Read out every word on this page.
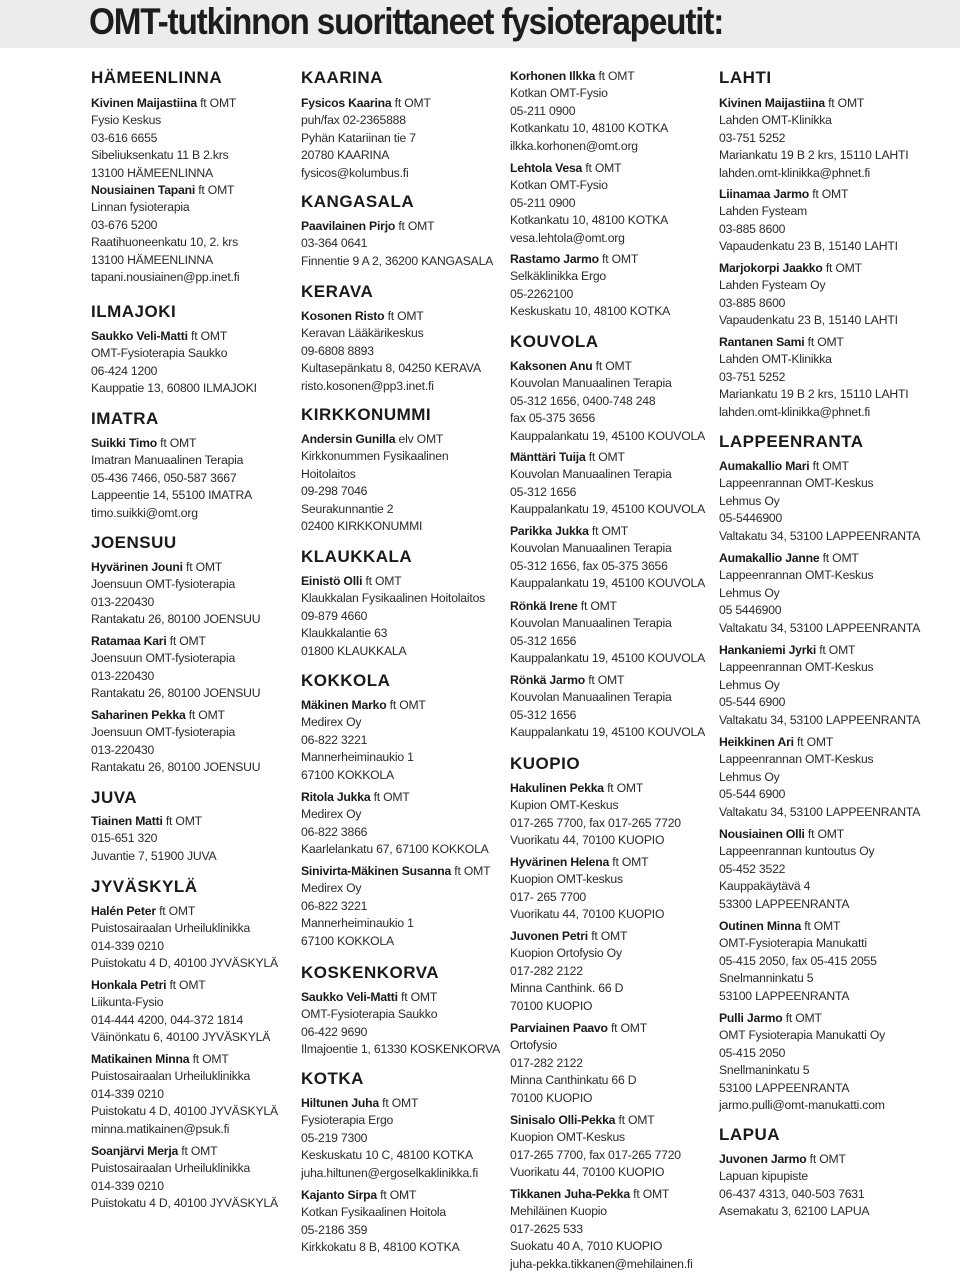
OMT-tutkinnon suorittaneet fysioterapeutit:
HÄMEENLINNA
Kivinen Maijastiina ft OMT
Fysio Keskus
03-616 6655
Sibeliuksenkatu 11 B 2.krs
13100 HÄMEENLINNA
Nousiainen Tapani ft OMT
Linnan fysioterapia
03-676 5200
Raatihuoneenkatu 10, 2. krs
13100 HÄMEENLINNA
tapani.nousiainen@pp.inet.fi
ILMAJOKI
Saukko Veli-Matti ft OMT
OMT-Fysioterapia Saukko
06-424 1200
Kauppatie 13, 60800 ILMAJOKI
IMATRA
Suikki Timo ft OMT
Imatran Manuaalinen Terapia
05-436 7466, 050-587 3667
Lappeentie 14, 55100 IMATRA
timo.suikki@omt.org
JOENSUU
Hyvärinen Jouni ft OMT
Joensuun OMT-fysioterapia
013-220430
Rantakatu 26, 80100 JOENSUU
Ratamaa Kari ft OMT
Joensuun OMT-fysioterapia
013-220430
Rantakatu 26, 80100 JOENSUU
Saharinen Pekka ft OMT
Joensuun OMT-fysioterapia
013-220430
Rantakatu 26, 80100 JOENSUU
JUVA
Tiainen Matti ft OMT
015-651 320
Juvantie 7, 51900 JUVA
JYVÄSKYLÄ
Halén Peter ft OMT
Puistosairaalan Urheiluklinikka
014-339 0210
Puistokatu 4 D, 40100 JYVÄSKYLÄ
Honkala Petri ft OMT
Liikunta-Fysio
014-444 4200, 044-372 1814
Väinönkatu 6, 40100 JYVÄSKYLÄ
Matikainen Minna ft OMT
Puistosairaalan Urheiluklinikka
014-339 0210
Puistokatu 4 D, 40100 JYVÄSKYLÄ
minna.matikainen@psuk.fi
Soanjärvi Merja ft OMT
Puistosairaalan Urheiluklinikka
014-339 0210
Puistokatu 4 D, 40100 JYVÄSKYLÄ
KAARINA
Fysicos Kaarina ft OMT
puh/fax 02-2365888
Pyhän Katariinan tie 7
20780 KAARINA
fysicos@kolumbus.fi
KANGASALA
Paavilainen Pirjo ft OMT
03-364 0641
Finnentie 9 A 2, 36200 KANGASALA
KERAVA
Kosonen Risto ft OMT
Keravan Lääkärikeskus
09-6808 8893
Kultasepänkatu 8, 04250 KERAVA
risto.kosonen@pp3.inet.fi
KIRKKONUMMI
Andersin Gunilla elv OMT
Kirkkonummen Fysikaalinen
Hoitolaitos
09-298 7046
Seurakunnantie 2
02400 KIRKKONUMMI
KLAUKKALA
Einistö Olli ft OMT
Klaukkalan Fysikaalinen Hoitolaitos
09-879 4660
Klaukkalantie 63
01800 KLAUKKALA
KOKKOLA
Mäkinen Marko ft OMT
Medirex Oy
06-822 3221
Mannerheiminaukio 1
67100 KOKKOLA
Ritola Jukka ft OMT
Medirex Oy
06-822 3866
Kaarlelankatu 67, 67100 KOKKOLA
Sinivirta-Mäkinen Susanna ft OMT
Medirex Oy
06-822 3221
Mannerheiminaukio 1
67100 KOKKOLA
KOSKENKORVA
Saukko Veli-Matti ft OMT
OMT-Fysioterapia Saukko
06-422 9690
Ilmajoentie 1, 61330 KOSKENKORVA
KOTKA
Hiltunen Juha ft OMT
Fysioterapia Ergo
05-219 7300
Keskuskatu 10 C, 48100 KOTKA
juha.hiltunen@ergoselkaklinikka.fi
Kajanto Sirpa ft OMT
Kotkan Fysikaalinen Hoitola
05-2186 359
Kirkkokatu 8 B, 48100 KOTKA
Korhonen Ilkka ft OMT
Kotkan OMT-Fysio
05-211 0900
Kotkankatu 10, 48100 KOTKA
ilkka.korhonen@omt.org
Lehtola Vesa ft OMT
Kotkan OMT-Fysio
05-211 0900
Kotkankatu 10, 48100 KOTKA
vesa.lehtola@omt.org
Rastamo Jarmo ft OMT
Selkäklinikka Ergo
05-2262100
Keskuskatu 10, 48100 KOTKA
KOUVOLA
Kaksonen Anu ft OMT
Kouvolan Manuaalinen Terapia
05-312 1656, 0400-748 248
fax 05-375 3656
Kauppalankatu 19, 45100 KOUVOLA
Mänttäri Tuija ft OMT
Kouvolan Manuaalinen Terapia
05-312 1656
Kauppalankatu 19, 45100 KOUVOLA
Parikka Jukka ft OMT
Kouvolan Manuaalinen Terapia
05-312 1656, fax 05-375 3656
Kauppalankatu 19, 45100 KOUVOLA
Rönkä Irene ft OMT
Kouvolan Manuaalinen Terapia
05-312 1656
Kauppalankatu 19, 45100 KOUVOLA
Rönkä Jarmo ft OMT
Kouvolan Manuaalinen Terapia
05-312 1656
Kauppalankatu 19, 45100 KOUVOLA
KUOPIO
Hakulinen Pekka ft OMT
Kupion OMT-Keskus
017-265 7700, fax 017-265 7720
Vuorikatu 44, 70100 KUOPIO
Hyvärinen Helena ft OMT
Kuopion OMT-keskus
017- 265 7700
Vuorikatu 44, 70100 KUOPIO
Juvonen Petri ft OMT
Kuopion Ortofysio Oy
017-282 2122
Minna Canthink. 66 D
70100 KUOPIO
Parviainen Paavo ft OMT
Ortofysio
017-282 2122
Minna Canthinkatu 66 D
70100 KUOPIO
Sinisalo Olli-Pekka ft OMT
Kuopion OMT-Keskus
017-265 7700, fax 017-265 7720
Vuorikatu 44, 70100 KUOPIO
Tikkanen Juha-Pekka ft OMT
Mehiläinen Kuopio
017-2625 533
Suokatu 40 A, 7010 KUOPIO
juha-pekka.tikkanen@mehilainen.fi
LAHTI
Kivinen Maijastiina ft OMT
Lahden OMT-Klinikka
03-751 5252
Mariankatu 19 B 2 krs, 15110 LAHTI
lahden.omt-klinikka@phnet.fi
Liinamaa Jarmo ft OMT
Lahden Fysteam
03-885 8600
Vapaudenkatu 23 B, 15140 LAHTI
Marjokorpi Jaakko ft OMT
Lahden Fysteam Oy
03-885 8600
Vapaudenkatu 23 B, 15140 LAHTI
Rantanen Sami ft OMT
Lahden OMT-Klinikka
03-751 5252
Mariankatu 19 B 2 krs, 15110 LAHTI
lahden.omt-klinikka@phnet.fi
LAPPEENRANTA
Aumakallio Mari ft OMT
Lappeenrannan OMT-Keskus
Lehmus Oy
05-5446900
Valtakatu 34, 53100 LAPPEENRANTA
Aumakallio Janne ft OMT
Lappeenrannan OMT-Keskus
Lehmus Oy
05 5446900
Valtakatu 34, 53100 LAPPEENRANTA
Hankaniemi Jyrki ft OMT
Lappeenrannan OMT-Keskus
Lehmus Oy
05-544 6900
Valtakatu 34, 53100 LAPPEENRANTA
Heikkinen Ari ft OMT
Lappeenrannan OMT-Keskus
Lehmus Oy
05-544 6900
Valtakatu 34, 53100 LAPPEENRANTA
Nousiainen Olli ft OMT
Lappeenrannan kuntoutus Oy
05-452 3522
Kauppakäytävä 4
53300 LAPPEENRANTA
Outinen Minna ft OMT
OMT-Fysioterapia Manukatti
05-415 2050, fax 05-415 2055
Snelmanninkatu 5
53100 LAPPEENRANTA
Pulli Jarmo ft OMT
OMT Fysioterapia Manukatti Oy
05-415 2050
Snellmaninkatu 5
53100 LAPPEENRANTA
jarmo.pulli@omt-manukatti.com
LAPUA
Juvonen Jarmo ft OMT
Lapuan kipupiste
06-437 4313, 040-503 7631
Asemakatu 3, 62100 LAPUA
